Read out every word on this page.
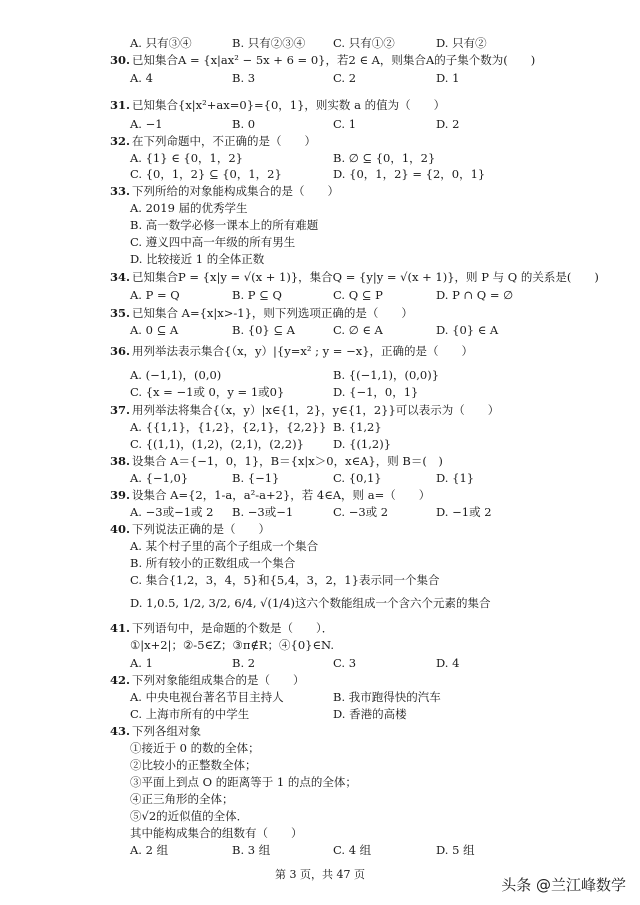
A. 只有③④	B. 只有②③④ C. 只有①②	D. 只有②
30. 已知集合A = {x|ax² − 5x + 6 = 0}，若2 ∈ A，则集合A的子集个数为(　　)
A. 4	B. 3	C. 2	D. 1
31. 已知集合{x|x²+ax=0}={0，1}，则实数 a 的值为（　　）
A. −1	B. 0	C. 1	D. 2
32. 在下列命题中，不正确的是（　　）
A. {1} ∈ {0，1，2}	B. ∅ ⊆ {0，1，2}
C. {0，1，2} ⊆ {0，1，2}	D. {0，1，2} = {2，0，1}
33. 下列所给的对象能构成集合的是（　　）
A. 2019 届的优秀学生
B. 高一数学必修一课本上的所有难题
C. 遵义四中高一年级的所有男生
D. 比较接近 1 的全体正数
34. 已知集合P = {x|y = √(x + 1)}，集合Q = {y|y = √(x + 1)}，则 P 与 Q 的关系是(　　)
A. P = Q	B. P ⊆ Q	C. Q ⊆ P	D. P ∩ Q = ∅
35. 已知集合 A={x|x>-1}，则下列选项正确的是（　　）
A. 0 ⊆ A	B. {0} ⊆ A	C. ∅ ∈ A	D. {0} ∈ A
36. 用列举法表示集合{（x，y）|{y=x² ; y = −x}，正确的是（　　）
A. (−1,1)，(0,0)	B. {(−1,1)，(0,0)}
C. {x = −1或 0，y = 1或0}	D. {−1，0，1}
37. 用列举法将集合{（x，y）|x∈{1，2}，y∈{1，2}}可以表示为（　　）
A. {{1,1}，{1,2}，{2,1}，{2,2}} B. {1,2}
C. {(1,1)，(1,2)，(2,1)，(2,2)}	D. {(1,2)}
38. 设集合 A＝{−1，0，1}，B＝{x|x＞0，x∈A}，则 B＝(　)
A. {−1,0}	B. {−1}	C. {0,1}	D. {1}
39. 设集合 A={2，1-a，a²-a+2}，若 4∈A，则 a=（　　）
A. −3或−1或 2 B. −3或−1	C. −3或 2	D. −1或 2
40. 下列说法正确的是（　　）
A. 某个村子里的高个子组成一个集合
B. 所有较小的正数组成一个集合
C. 集合{1,2，3，4，5}和{5,4，3，2，1}表示同一个集合
D. 1,0.5, 1/2, 3/2, 6/4, √(1/4)这六个数能组成一个含六个元素的集合
41. 下列语句中，是命题的个数是（　　）．
①|x+2|；②-5∈Z；③π∉R；④{0}∈N.
A. 1	B. 2	C. 3	D. 4
42. 下列对象能组成集合的是（　　）
A. 中央电视台著名节目主持人	B. 我市跑得快的汽车
C. 上海市所有的中学生	D. 香港的高楼
43. 下列各组对象
①接近于 0 的数的全体；
②比较小的正整数全体；
③平面上到点 O 的距离等于 1 的点的全体；
④正三角形的全体；
⑤√2的近似值的全体．
其中能构成集合的组数有（　　）
A. 2 组	B. 3 组	C. 4 组	D. 5 组
第 3 页，共 47 页
头条 @兰江峰数学
